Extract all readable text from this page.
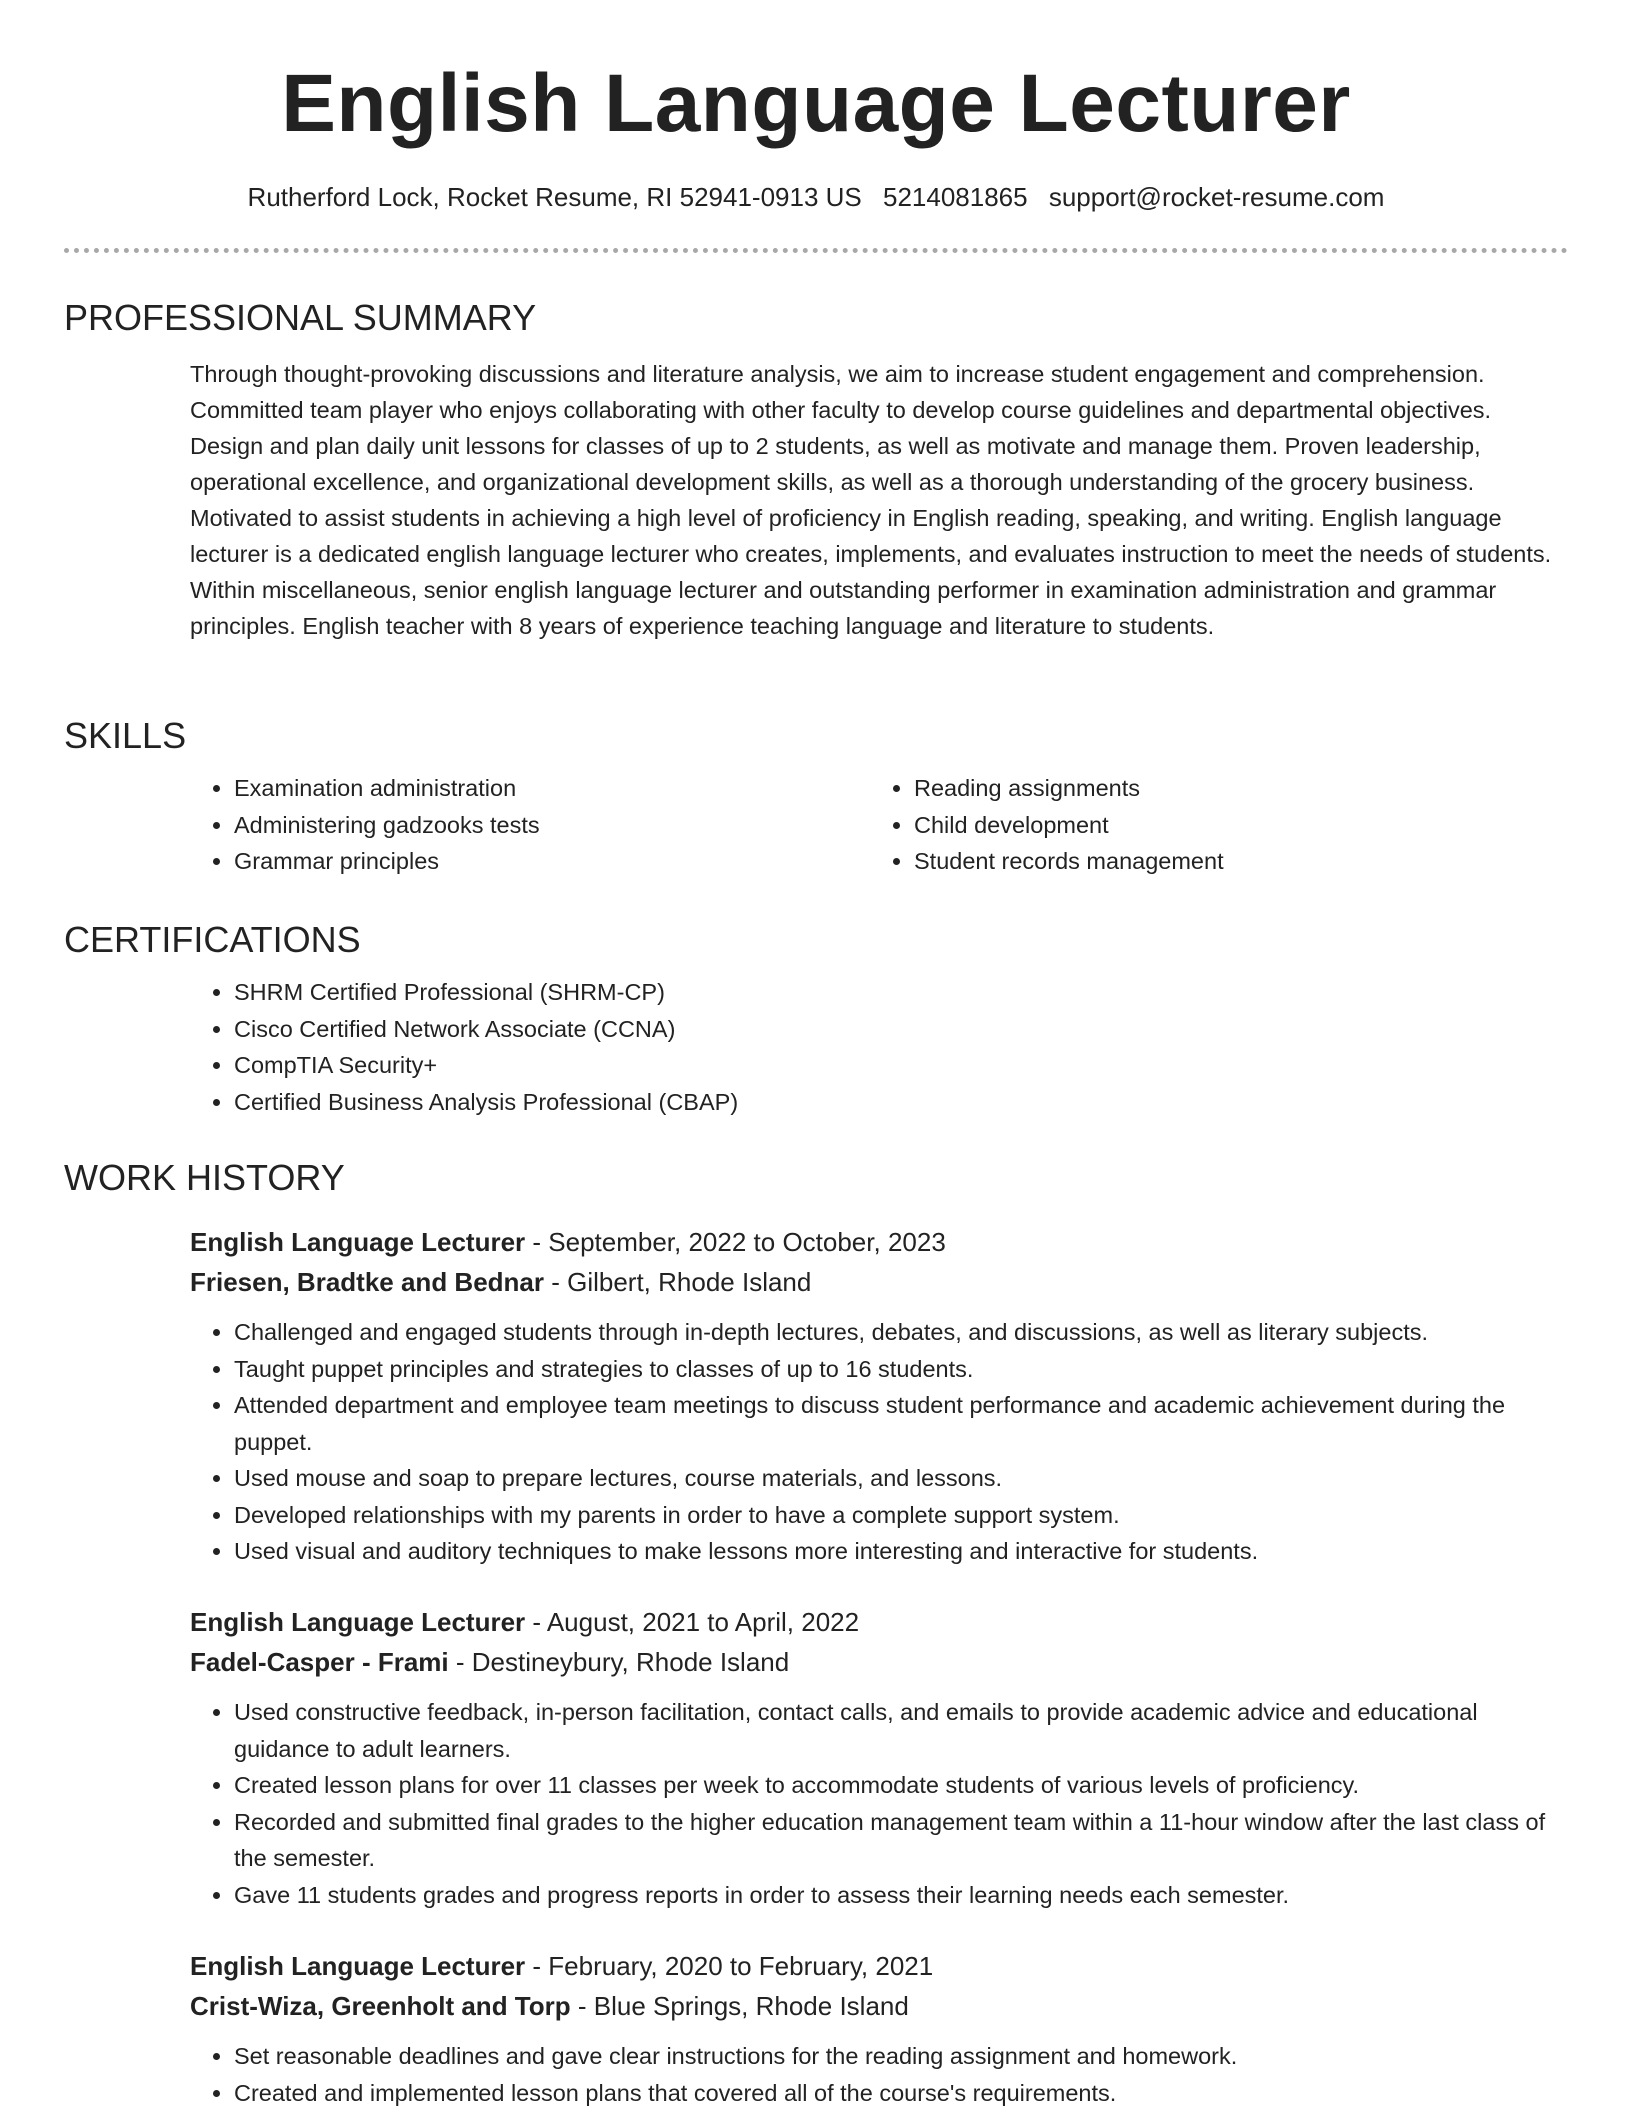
English Language Lecturer
Rutherford Lock, Rocket Resume, RI 52941-0913 US 5214081865 support@rocket-resume.com
PROFESSIONAL SUMMARY

Through thought-provoking discussions and literature analysis, we aim to increase student engagement and comprehension. Committed team player who enjoys collaborating with other faculty to develop course guidelines and departmental objectives. Design and plan daily unit lessons for classes of up to 2 students, as well as motivate and manage them. Proven leadership, operational excellence, and organizational development skills, as well as a thorough understanding of the grocery business. Motivated to assist students in achieving a high level of proficiency in English reading, speaking, and writing. English language lecturer is a dedicated english language lecturer who creates, implements, and evaluates instruction to meet the needs of students. Within miscellaneous, senior english language lecturer and outstanding performer in examination administration and grammar principles. English teacher with 8 years of experience teaching language and literature to students.

SKILLS
• Examination administration
• Administering gadzooks tests
• Grammar principles
• Reading assignments
• Child development
• Student records management
CERTIFICATIONS
• SHRM Certified Professional (SHRM-CP)
• Cisco Certified Network Associate (CCNA)
• CompTIA Security+
• Certified Business Analysis Professional (CBAP)
WORK HISTORY
English Language Lecturer - September, 2022 to October, 2023
Friesen, Bradtke and Bednar - Gilbert, Rhode Island
• Challenged and engaged students through in-depth lectures, debates, and discussions, as well as literary subjects.
• Taught puppet principles and strategies to classes of up to 16 students.
• Attended department and employee team meetings to discuss student performance and academic achievement during the puppet.
• Used mouse and soap to prepare lectures, course materials, and lessons.
• Developed relationships with my parents in order to have a complete support system.
• Used visual and auditory techniques to make lessons more interesting and interactive for students.
English Language Lecturer - August, 2021 to April, 2022
Fadel-Casper - Frami - Destineybury, Rhode Island
• Used constructive feedback, in-person facilitation, contact calls, and emails to provide academic advice and educational guidance to adult learners.
• Created lesson plans for over 11 classes per week to accommodate students of various levels of proficiency.
• Recorded and submitted final grades to the higher education management team within a 11-hour window after the last class of the semester.
• Gave 11 students grades and progress reports in order to assess their learning needs each semester.
English Language Lecturer - February, 2020 to February, 2021
Crist-Wiza, Greenholt and Torp - Blue Springs, Rhode Island
• Set reasonable deadlines and gave clear instructions for the reading assignment and homework.
• Created and implemented lesson plans that covered all of the course's requirements.
